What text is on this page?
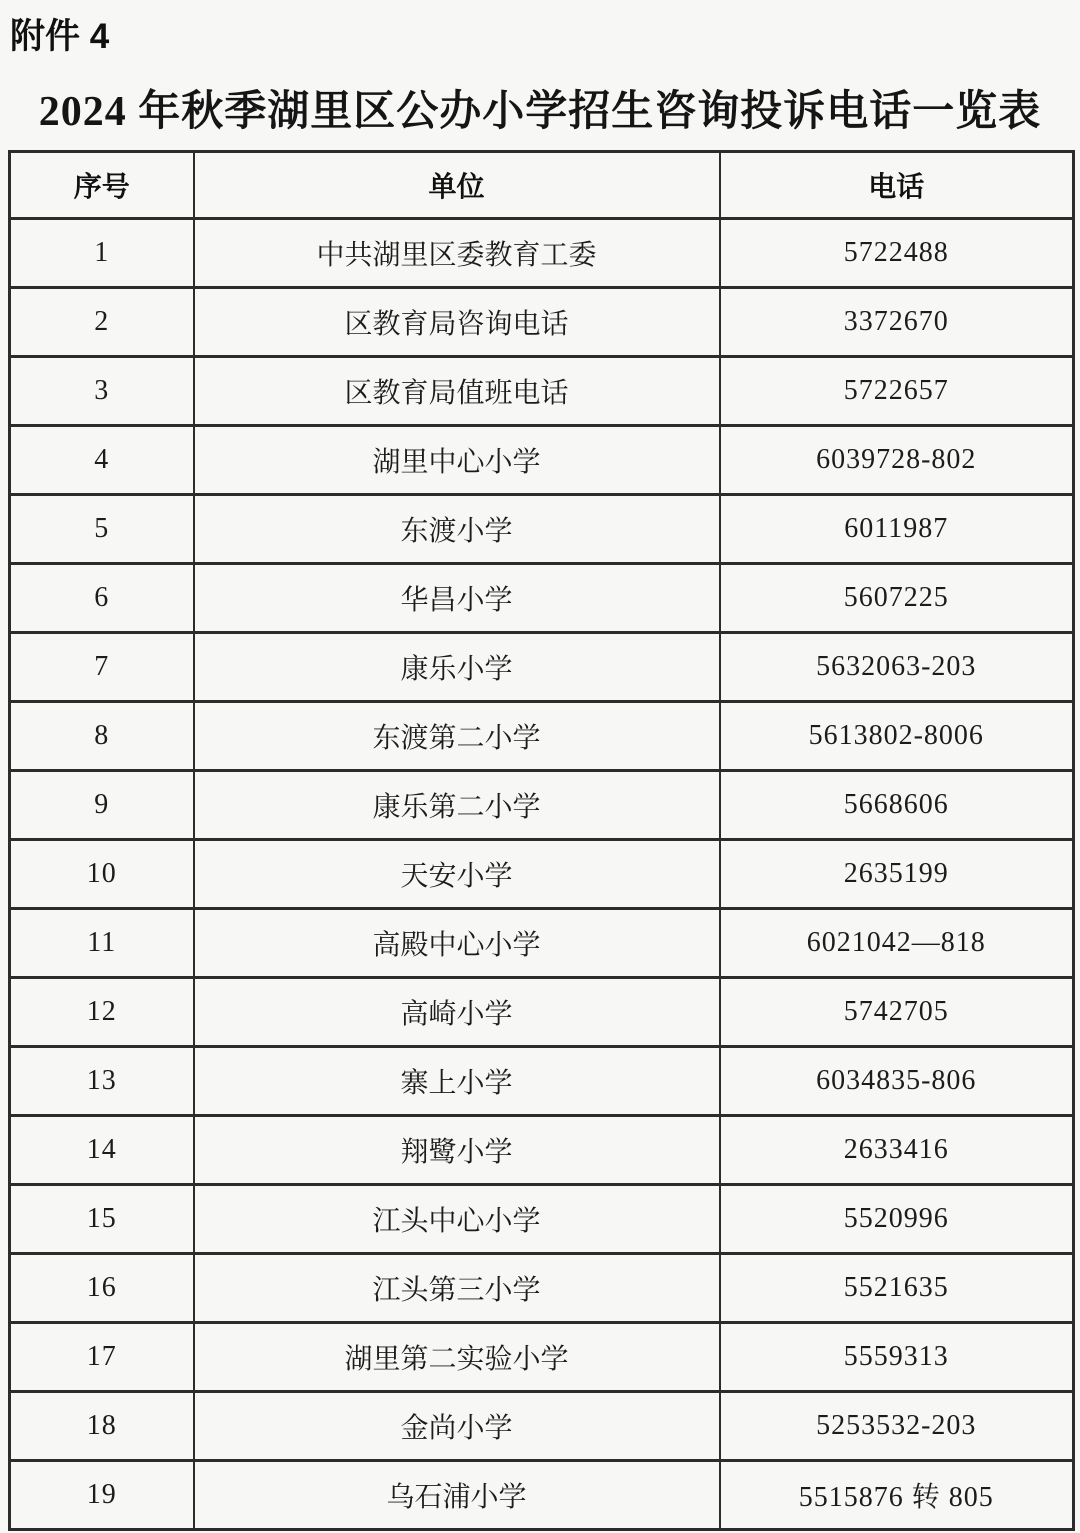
附件 4
2024 年秋季湖里区公办小学招生咨询投诉电话一览表
序号	单位	电话
1	中共湖里区委教育工委	5722488
2	区教育局咨询电话	3372670
3	区教育局值班电话	5722657
4	湖里中心小学	6039728-802
5	东渡小学	6011987
6	华昌小学	5607225
7	康乐小学	5632063-203
8	东渡第二小学	5613802-8006
9	康乐第二小学	5668606
10	天安小学	2635199
11	高殿中心小学	6021042—818
12	高崎小学	5742705
13	寨上小学	6034835-806
14	翔鹭小学	2633416
15	江头中心小学	5520996
16	江头第三小学	5521635
17	湖里第二实验小学	5559313
18	金尚小学	5253532-203
19	乌石浦小学	5515876 转 805
